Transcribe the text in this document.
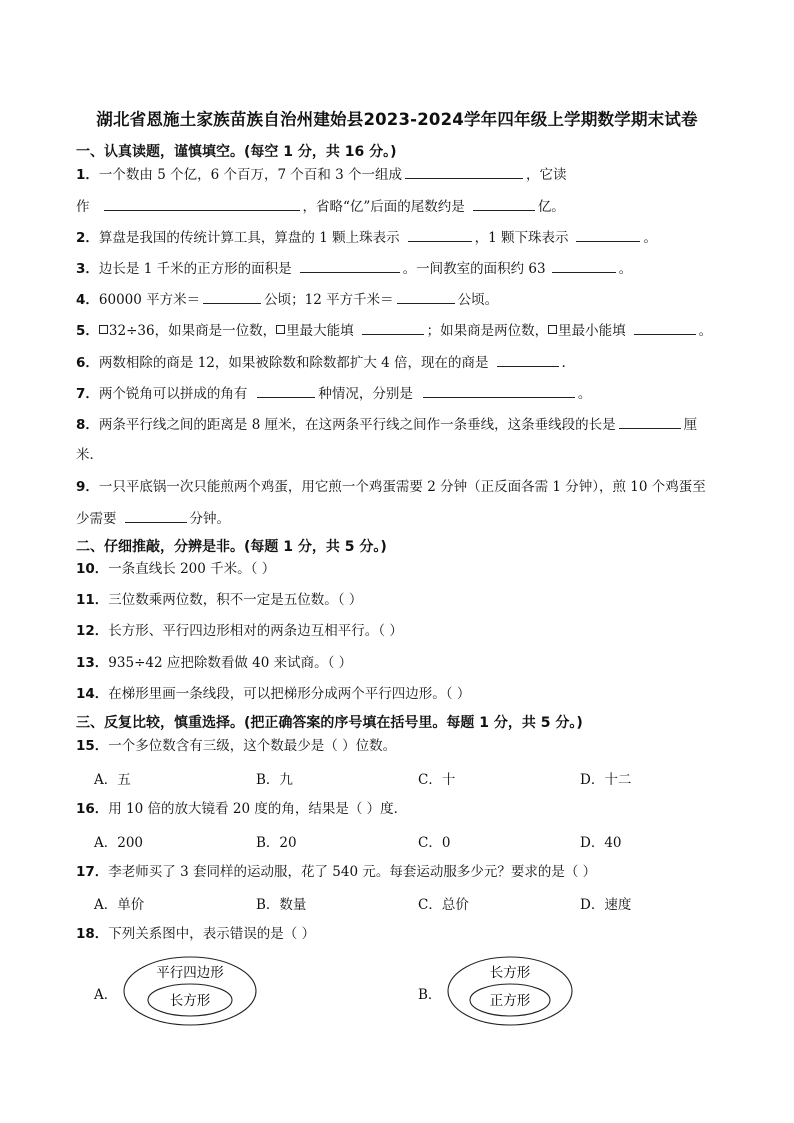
湖北省恩施土家族苗族自治州建始县2023-2024学年四年级上学期数学期末试卷
一、认真读题，谨慎填空。(每空 1 分，共 16 分。)
1．一个数由 5 个亿，6 个百万，7 个百和 3 个一组成	，它读
作	，省略“亿”后面的尾数约是	亿。
2．算盘是我国的传统计算工具，算盘的 1 颗上珠表示	，1 颗下珠表示	。
3．边长是 1 千米的正方形的面积是	。一间教室的面积约 63	。
4．60000 平方米＝	公顷；12 平方千米＝	公顷。
5． 32÷36，如果商是一位数， 里最大能填	；如果商是两位数， 里最小能填	。
6．两数相除的商是 12，如果被除数和除数都扩大 4 倍，现在的商是	.
7．两个锐角可以拼成的角有	种情况，分别是	。
8．两条平行线之间的距离是 8 厘米，在这两条平行线之间作一条垂线，这条垂线段的长是	厘
米．
9．一只平底锅一次只能煎两个鸡蛋，用它煎一个鸡蛋需要 2 分钟（正反面各需 1 分钟），煎 10 个鸡蛋至
少需要	分钟。
二、仔细推敲，分辨是非。(每题 1 分，共 5 分。)
10．一条直线长 200 千米。（ ）
11．三位数乘两位数，积不一定是五位数。（ ）
12．长方形、平行四边形相对的两条边互相平行。（ ）
13．935÷42 应把除数看做 40 来试商。（ ）
14．在梯形里画一条线段，可以把梯形分成两个平行四边形。（ ）
三、反复比较，慎重选择。(把正确答案的序号填在括号里。每题 1 分，共 5 分。)
15．一个多位数含有三级，这个数最少是（ ）位数。
A．五	B．九	C．十	D．十二
16．用 10 倍的放大镜看 20 度的角，结果是（ ）度．
A．200	B．20	C．0	D．40
17．李老师买了 3 套同样的运动服，花了 540 元。每套运动服多少元？要求的是（ ）
A．单价	B．数量	C．总价	D．速度
18．下列关系图中，表示错误的是（ ）
A．
平行四边形
长方形	B．
长方形
正方形
